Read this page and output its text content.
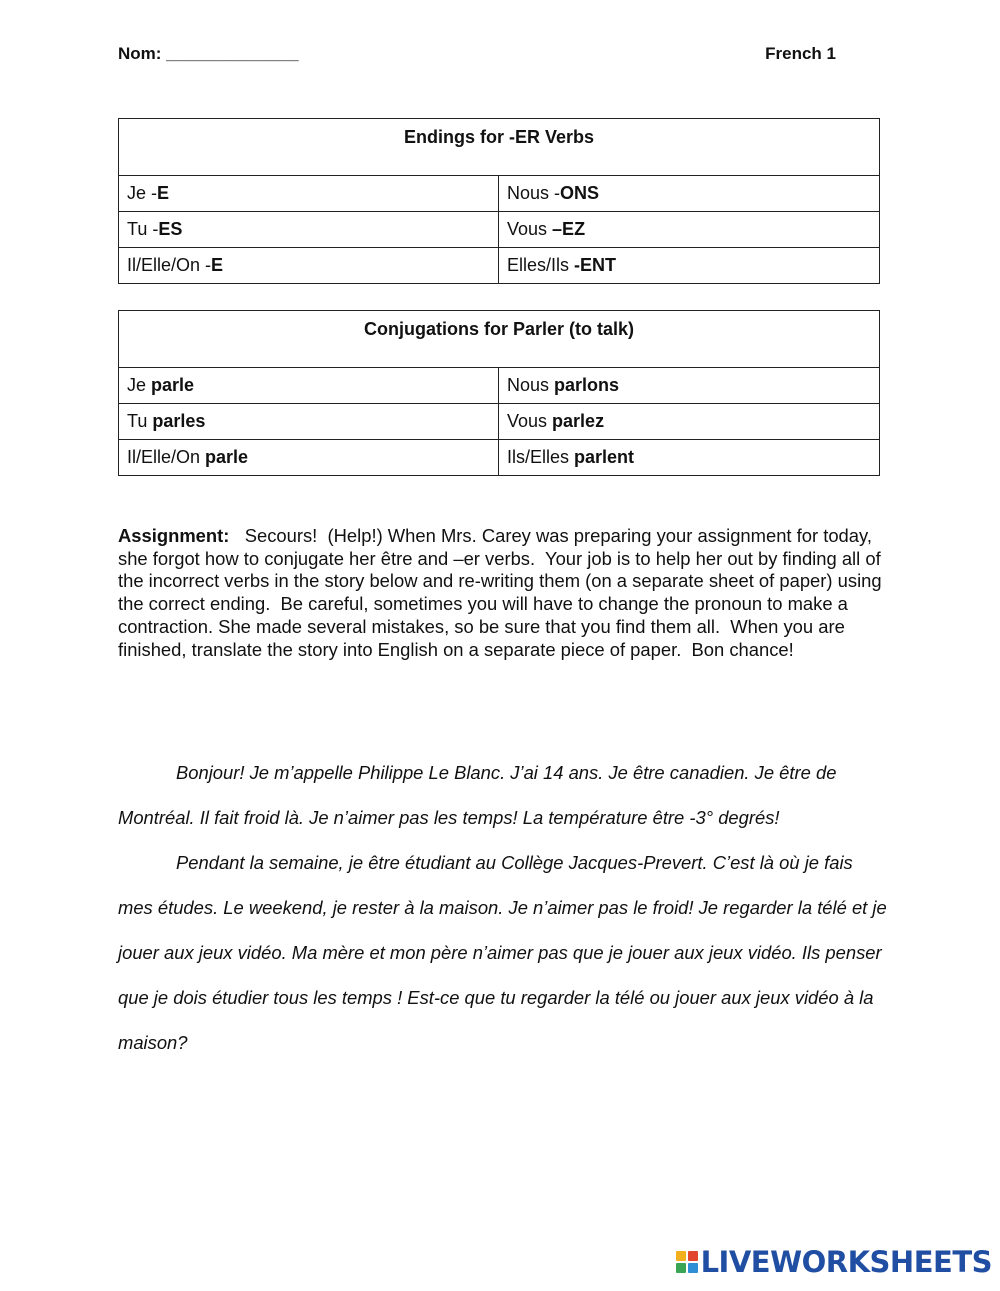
Nom: ______________	French 1
Endings for -ER Verbs	
Je -E	Nous -ONS
Tu -ES	Vous –EZ
Il/Elle/On -E	Elles/Ils -ENT
Conjugations for Parler (to talk)	
Je parle	Nous parlons
Tu parles	Vous parlez
Il/Elle/On parle	Ils/Elles parlent
Assignment:   Secours!  (Help!) When Mrs. Carey was preparing your assignment for today, she forgot how to conjugate her être and –er verbs.  Your job is to help her out by finding all of the incorrect verbs in the story below and re-writing them (on a separate sheet of paper) using the correct ending.  Be careful, sometimes you will have to change the pronoun to make a contraction. She made several mistakes, so be sure that you find them all.  When you are finished, translate the story into English on a separate piece of paper.  Bon chance!

Bonjour! Je m’appelle Philippe Le Blanc. J’ai 14 ans. Je être canadien. Je être de Montréal. Il fait froid là. Je n’aimer pas les temps! La température être -3° degrés!

Pendant la semaine, je être étudiant au Collège Jacques-Prevert. C’est là où je fais mes études. Le weekend, je rester à la maison. Je n’aimer pas le froid! Je regarder la télé et je jouer aux jeux vidéo. Ma mère et mon père n’aimer pas que je jouer aux jeux vidéo. Ils penser que je dois étudier tous les temps ! Est-ce que tu regarder la télé ou jouer aux jeux vidéo à la maison?

LIVEWORKSHEETS
